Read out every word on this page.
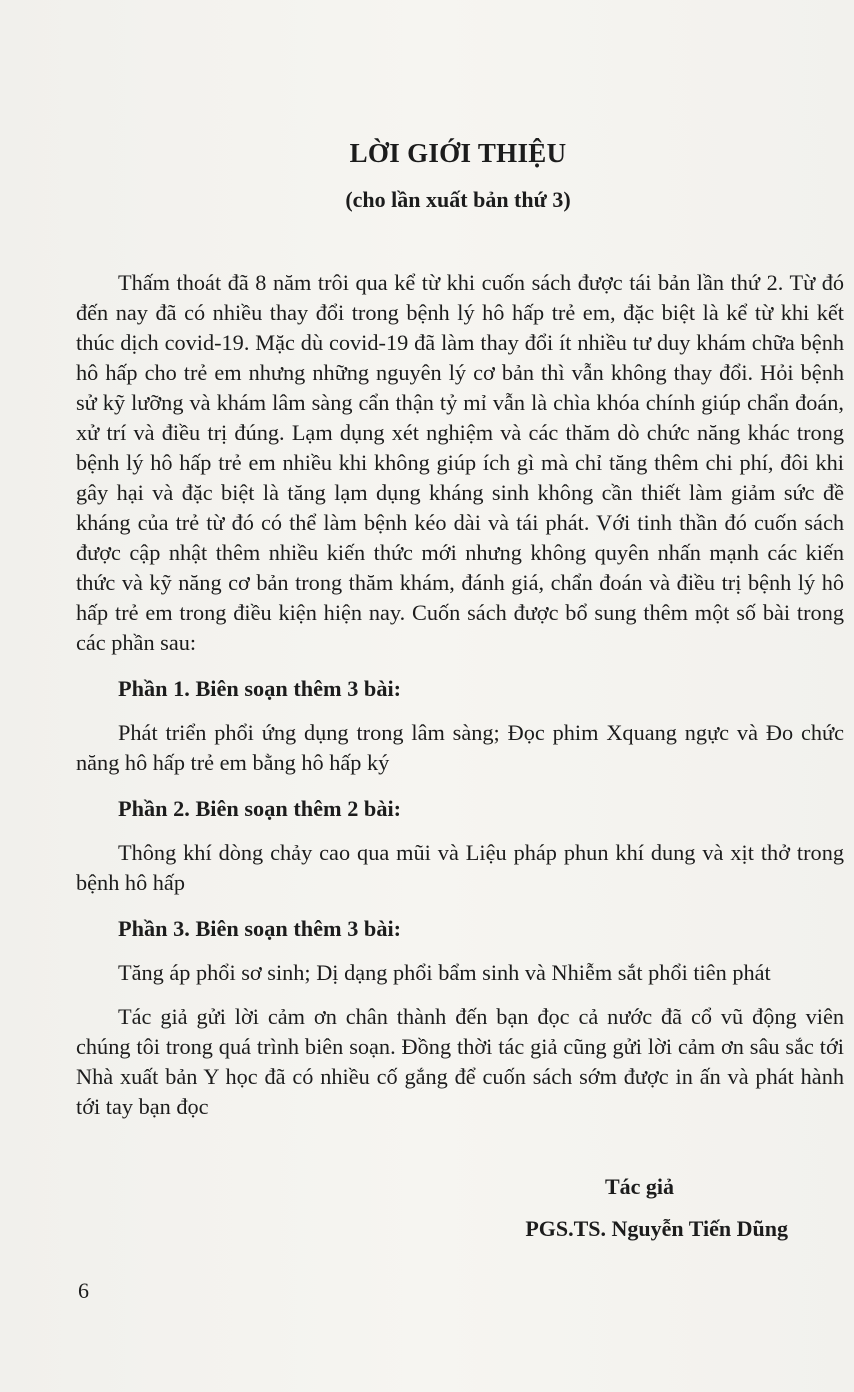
LỜI GIỚI THIỆU
(cho lần xuất bản thứ 3)

Thấm thoát đã 8 năm trôi qua kể từ khi cuốn sách được tái bản lần thứ 2. Từ đó đến nay đã có nhiều thay đổi trong bệnh lý hô hấp trẻ em, đặc biệt là kể từ khi kết thúc dịch covid-19. Mặc dù covid-19 đã làm thay đổi ít nhiều tư duy khám chữa bệnh hô hấp cho trẻ em nhưng những nguyên lý cơ bản thì vẫn không thay đổi. Hỏi bệnh sử kỹ lưỡng và khám lâm sàng cẩn thận tỷ mỉ vẫn là chìa khóa chính giúp chẩn đoán, xử trí và điều trị đúng. Lạm dụng xét nghiệm và các thăm dò chức năng khác trong bệnh lý hô hấp trẻ em nhiều khi không giúp ích gì mà chỉ tăng thêm chi phí, đôi khi gây hại và đặc biệt là tăng lạm dụng kháng sinh không cần thiết làm giảm sức đề kháng của trẻ từ đó có thể làm bệnh kéo dài và tái phát. Với tinh thần đó cuốn sách được cập nhật thêm nhiều kiến thức mới nhưng không quyên nhấn mạnh các kiến thức và kỹ năng cơ bản trong thăm khám, đánh giá, chẩn đoán và điều trị bệnh lý hô hấp trẻ em trong điều kiện hiện nay. Cuốn sách được bổ sung thêm một số bài trong các phần sau:

Phần 1. Biên soạn thêm 3 bài:

Phát triển phổi ứng dụng trong lâm sàng; Đọc phim Xquang ngực và Đo chức năng hô hấp trẻ em bằng hô hấp ký

Phần 2. Biên soạn thêm 2 bài:

Thông khí dòng chảy cao qua mũi và Liệu pháp phun khí dung và xịt thở trong bệnh hô hấp

Phần 3. Biên soạn thêm 3 bài:

Tăng áp phổi sơ sinh; Dị dạng phổi bẩm sinh và Nhiễm sắt phổi tiên phát

Tác giả gửi lời cảm ơn chân thành đến bạn đọc cả nước đã cổ vũ động viên chúng tôi trong quá trình biên soạn. Đồng thời tác giả cũng gửi lời cảm ơn sâu sắc tới Nhà xuất bản Y học đã có nhiều cố gắng để cuốn sách sớm được in ấn và phát hành tới tay bạn đọc

Tác giả
PGS.TS. Nguyễn Tiến Dũng
6
